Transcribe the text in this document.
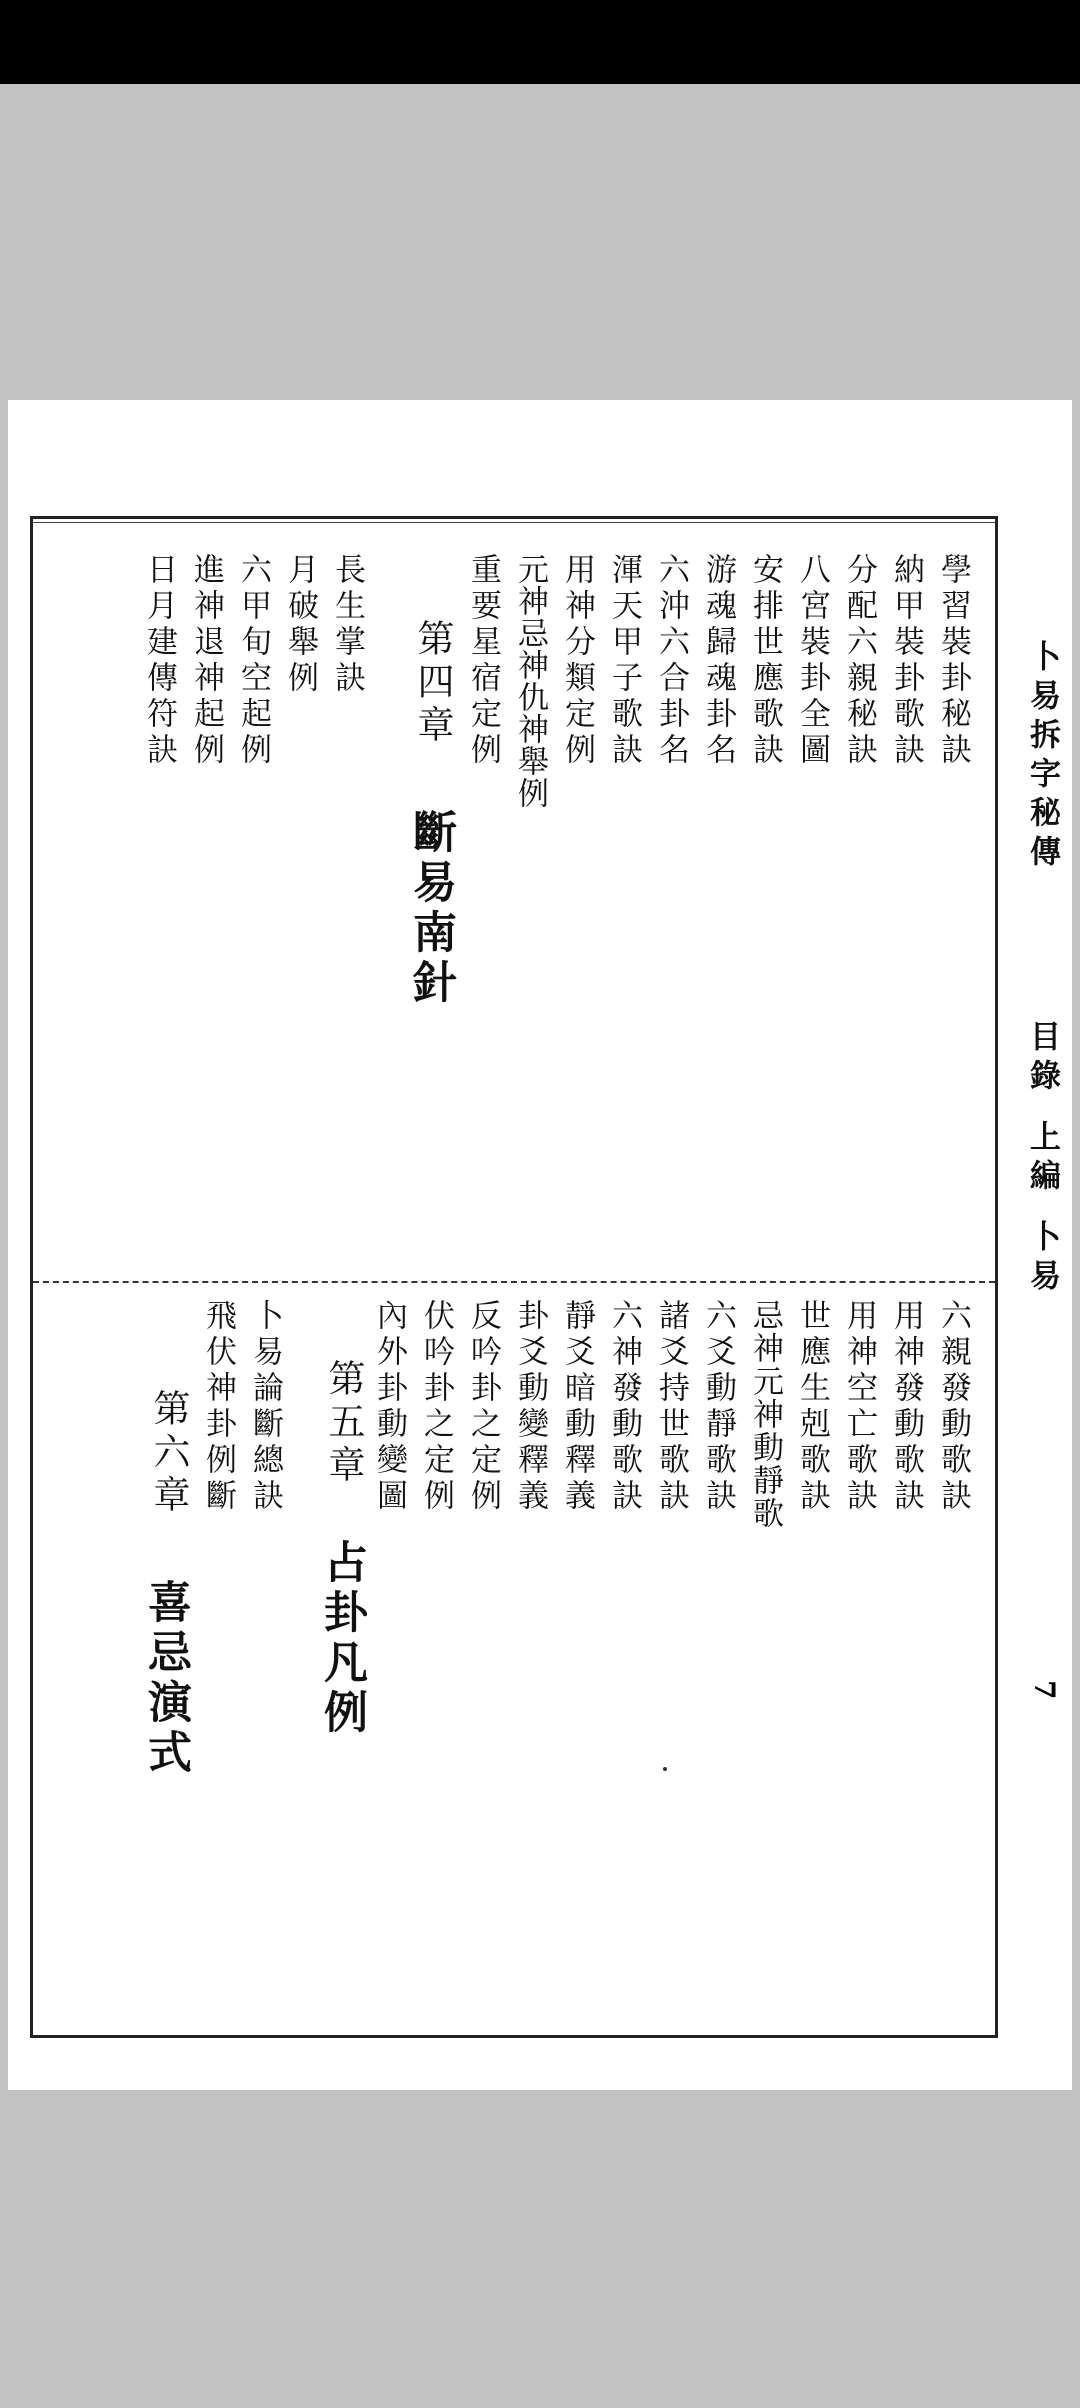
卜易拆字秘傳
目錄
上編
卜易
7
學習裝卦秘訣
納甲裝卦歌訣
分配六親秘訣
八宮裝卦全圖
安排世應歌訣
游魂歸魂卦名
六沖六合卦名
渾天甲子歌訣
用神分類定例
元神忌神仇神舉例
重要星宿定例
第四章
斷易南針
長生掌訣
月破舉例
六甲旬空起例
進神退神起例
日月建傳符訣
六親發動歌訣
用神發動歌訣
用神空亡歌訣
世應生剋歌訣
忌神元神動靜歌
六爻動靜歌訣
諸爻持世歌訣
六神發動歌訣
靜爻暗動釋義
卦爻動變釋義
反吟卦之定例
伏吟卦之定例
內外卦動變圖
第五章
占卦凡例
卜易論斷總訣
飛伏神卦例斷
第六章
喜忌演式
